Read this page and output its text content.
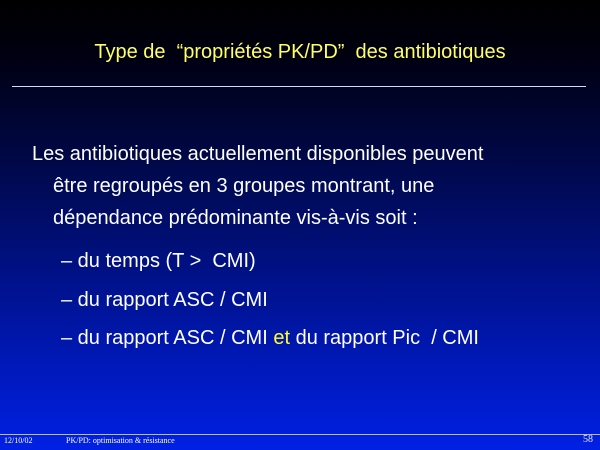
Type de  “propriétés PK/PD”  des antibiotiques
Les antibiotiques actuellement disponibles peuvent
être regroupés en 3 groupes montrant, une
dépendance prédominante vis-à-vis soit :
– du temps (T >  CMI)
– du rapport ASC / CMI
– du rapport ASC / CMI et du rapport Pic  / CMI
12/10/02	PK/PD: optimisation & résistance	58
